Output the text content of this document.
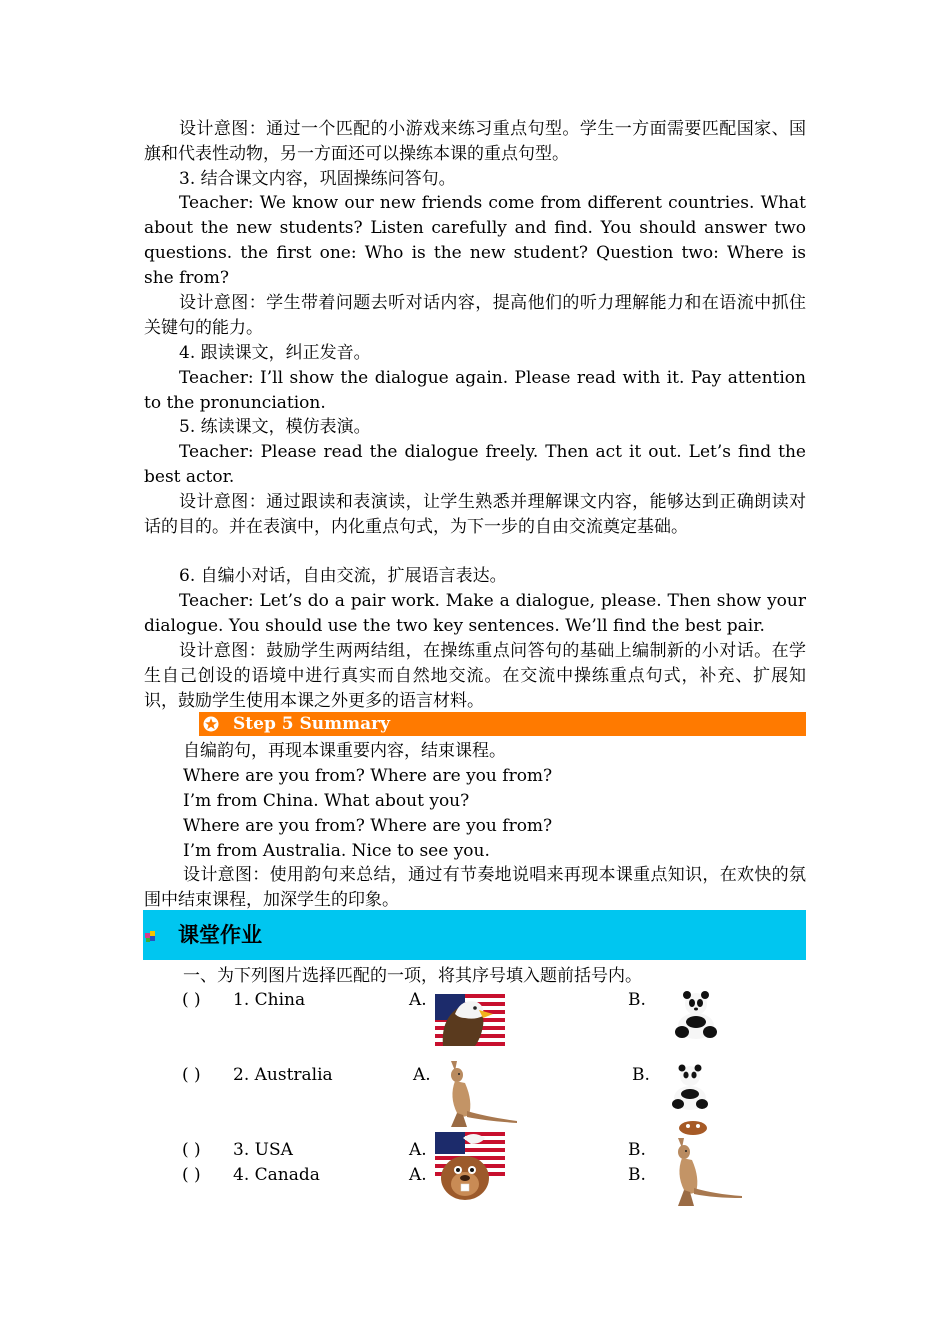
设计意图：通过一个匹配的小游戏来练习重点句型。学生一方面需要匹配国家、国旗和代表性动物，另一方面还可以操练本课的重点句型。

3. 结合课文内容，巩固操练问答句。

Teacher: We know our new friends come from different countries. What about the new students? Listen carefully and find. You should answer two questions. the first one: Who is the new student? Question two: Where is she from?

设计意图：学生带着问题去听对话内容，提高他们的听力理解能力和在语流中抓住关键句的能力。

4. 跟读课文，纠正发音。

Teacher: I’ll show the dialogue again. Please read with it. Pay attention to the pronunciation.

5. 练读课文，模仿表演。

Teacher: Please read the dialogue freely. Then act it out. Let’s find the best actor.

设计意图：通过跟读和表演读，让学生熟悉并理解课文内容，能够达到正确朗读对话的目的。并在表演中，内化重点句式，为下一步的自由交流奠定基础。

6. 自编小对话，自由交流，扩展语言表达。

Teacher: Let’s do a pair work. Make a dialogue, please. Then show your dialogue. You should use the two key sentences. We’ll find the best pair.

设计意图：鼓励学生两两结组，在操练重点问答句的基础上编制新的小对话。在学生自己创设的语境中进行真实而自然地交流。在交流中操练重点句式，补充、扩展知识，鼓励学生使用本课之外更多的语言材料。

Step 5 Summary

自编韵句，再现本课重要内容，结束课程。

Where are you from? Where are you from?

I’m from China. What about you?

Where are you from? Where are you from?

I’m from Australia. Nice to see you.

设计意图：使用韵句来总结，通过有节奏地说唱来再现本课重点知识，在欢快的氛围中结束课程，加深学生的印象。

课堂作业

一、为下列图片选择匹配的一项，将其序号填入题前括号内。

( ) 1. China	A.	B.
( ) 2. Australia	A.	B.
( ) 3. USA	A.	B.
( ) 4. Canada	A.	B.
